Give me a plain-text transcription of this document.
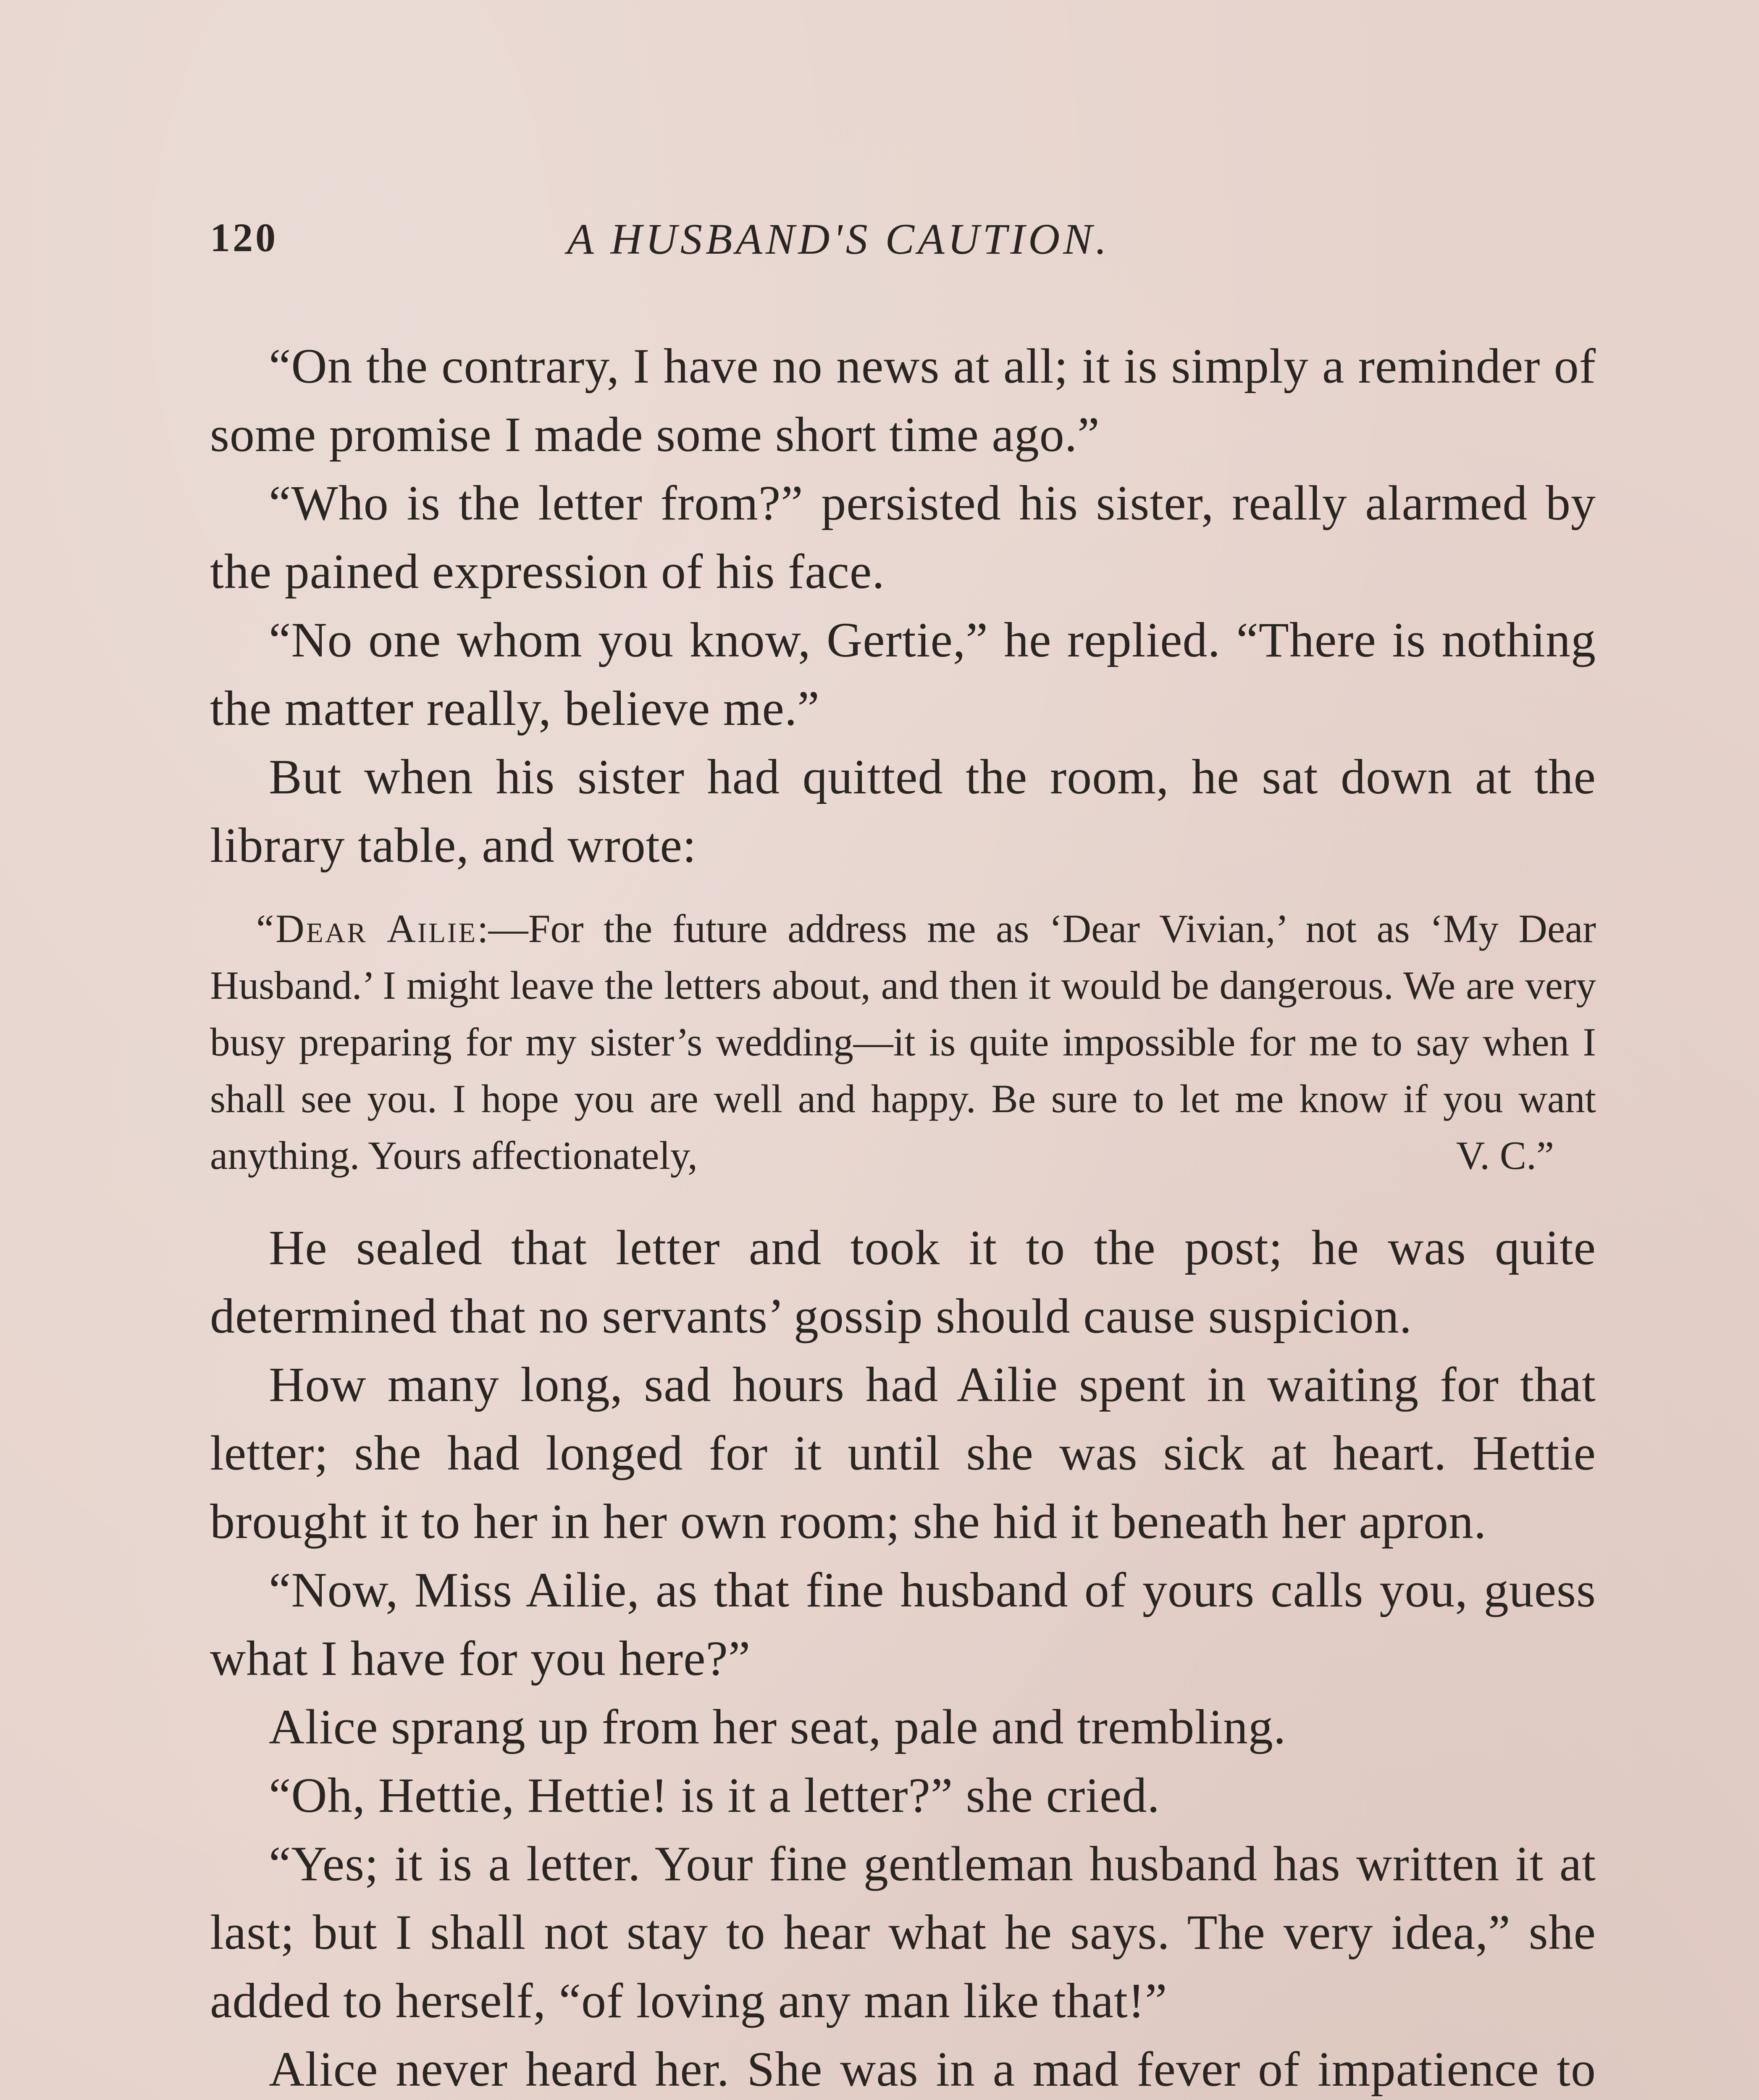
120	A HUSBAND'S CAUTION.

“On the contrary, I have no news at all; it is simply a reminder of some promise I made some short time ago.”

“Who is the letter from?” persisted his sister, really alarmed by the pained expression of his face.

“No one whom you know, Gertie,” he replied. “There is nothing the matter really, believe me.”

But when his sister had quitted the room, he sat down at the library table, and wrote:

“Dear Ailie:—For the future address me as ‘Dear Vivian,’ not as ‘My Dear Husband.’ I might leave the letters about, and then it would be dangerous. We are very busy preparing for my sister’s wedding—it is quite impossible for me to say when I shall see you. I hope you are well and happy. Be sure to let me know if you want anything. Yours affectionately,	V. C.”

He sealed that letter and took it to the post; he was quite determined that no servants’ gossip should cause suspicion.

How many long, sad hours had Ailie spent in waiting for that letter; she had longed for it until she was sick at heart. Hettie brought it to her in her own room; she hid it beneath her apron.

“Now, Miss Ailie, as that fine husband of yours calls you, guess what I have for you here?”

Alice sprang up from her seat, pale and trembling.

“Oh, Hettie, Hettie! is it a letter?” she cried.

“Yes; it is a letter. Your fine gentleman husband has written it at last; but I shall not stay to hear what he says. The very idea,” she added to herself, “of loving any man like that!”

Alice never heard her. She was in a mad fever of impatience to
